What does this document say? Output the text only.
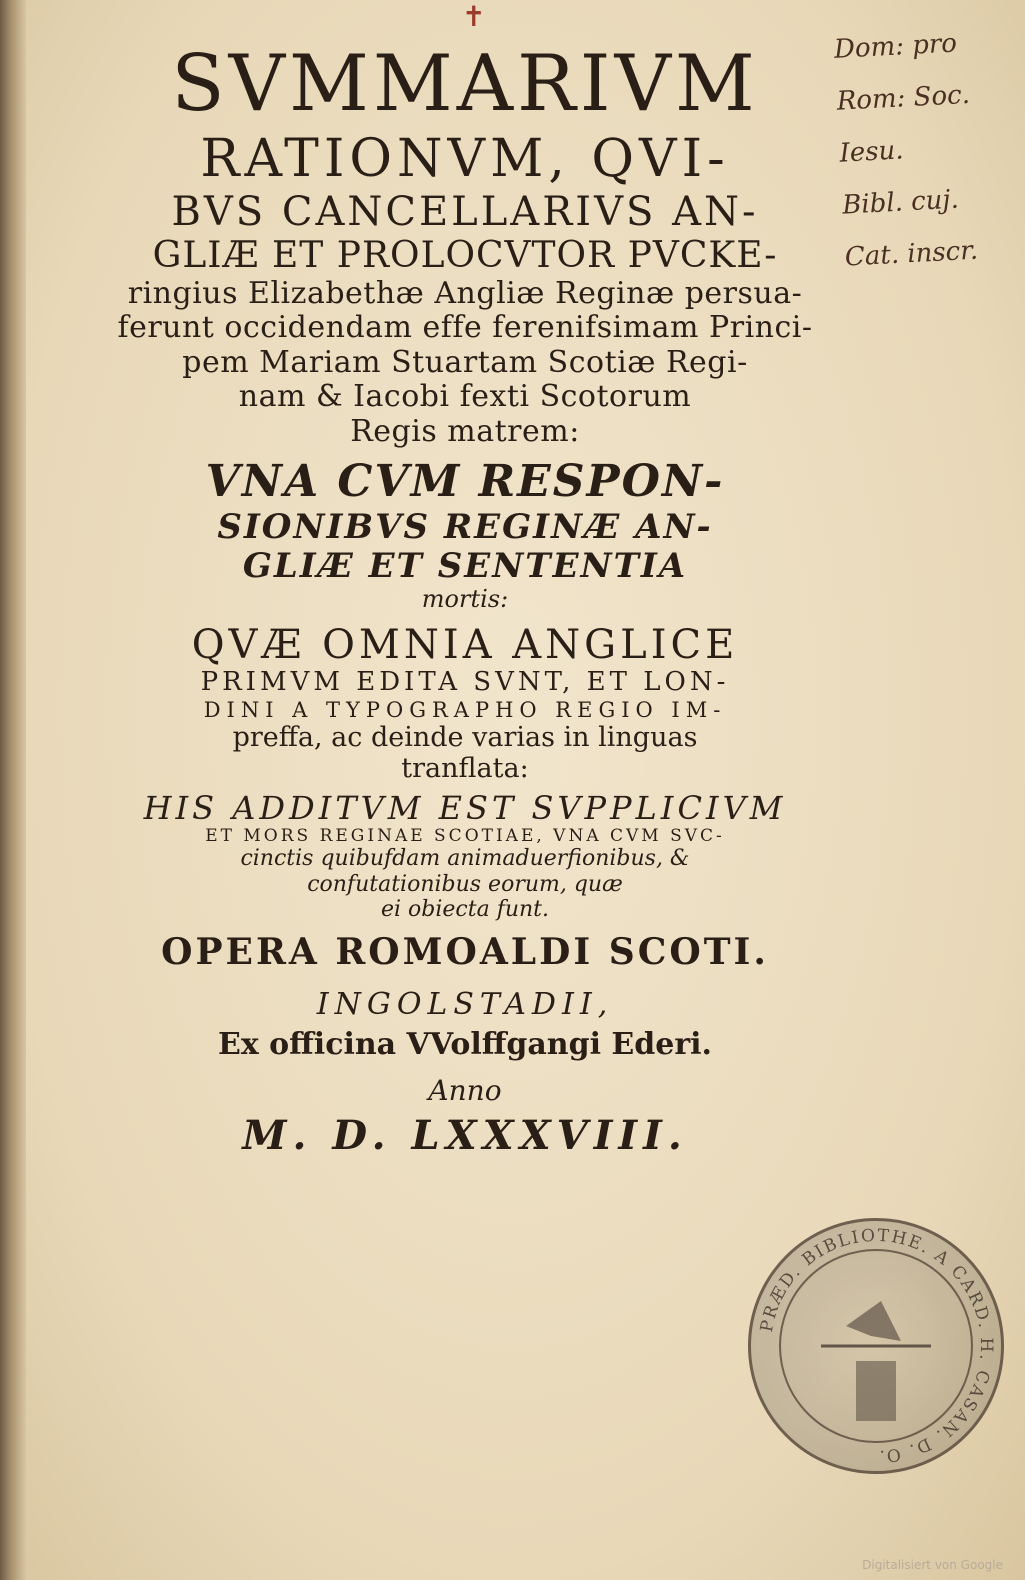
✝
SVMMARIVM
RATIONVM, QVI-
BVS CANCELLARIVS AN-
GLIÆ ET PROLOCVTOR PVCKE-
ringius Elizabethæ Angliæ Reginæ persua-
ferunt occidendam effe ferenifsimam Princi-
pem Mariam Stuartam Scotiæ Regi-
nam & Iacobi fexti Scotorum
Regis matrem:
VNA CVM RESPON-
SIONIBVS REGINÆ AN-
GLIÆ ET SENTENTIA
mortis:
QVÆ OMNIA ANGLICE
PRIMVM EDITA SVNT, ET LON-
DINI A TYPOGRAPHO REGIO IM-
preffa, ac deinde varias in linguas
tranflata:
HIS ADDITVM EST SVPPLICIVM
ET MORS REGINAE SCOTIAE, VNA CVM SVC-
cinctis quibufdam animaduerfionibus, &
confutationibus eorum, quæ
ei obiecta funt.
OPERA ROMOALDI SCOTI.
INGOLSTADII,
Ex officina VVolffgangi Ederi.
Anno
M. D. LXXXVIII.
Dom: pro
Rom: Soc.
Iesu.
Bibl. cuj.
Cat. inscr.
PRÆD. BIBLIOTHE. A CARD. H. CASAN. D. O.
Digitalisiert von Google
